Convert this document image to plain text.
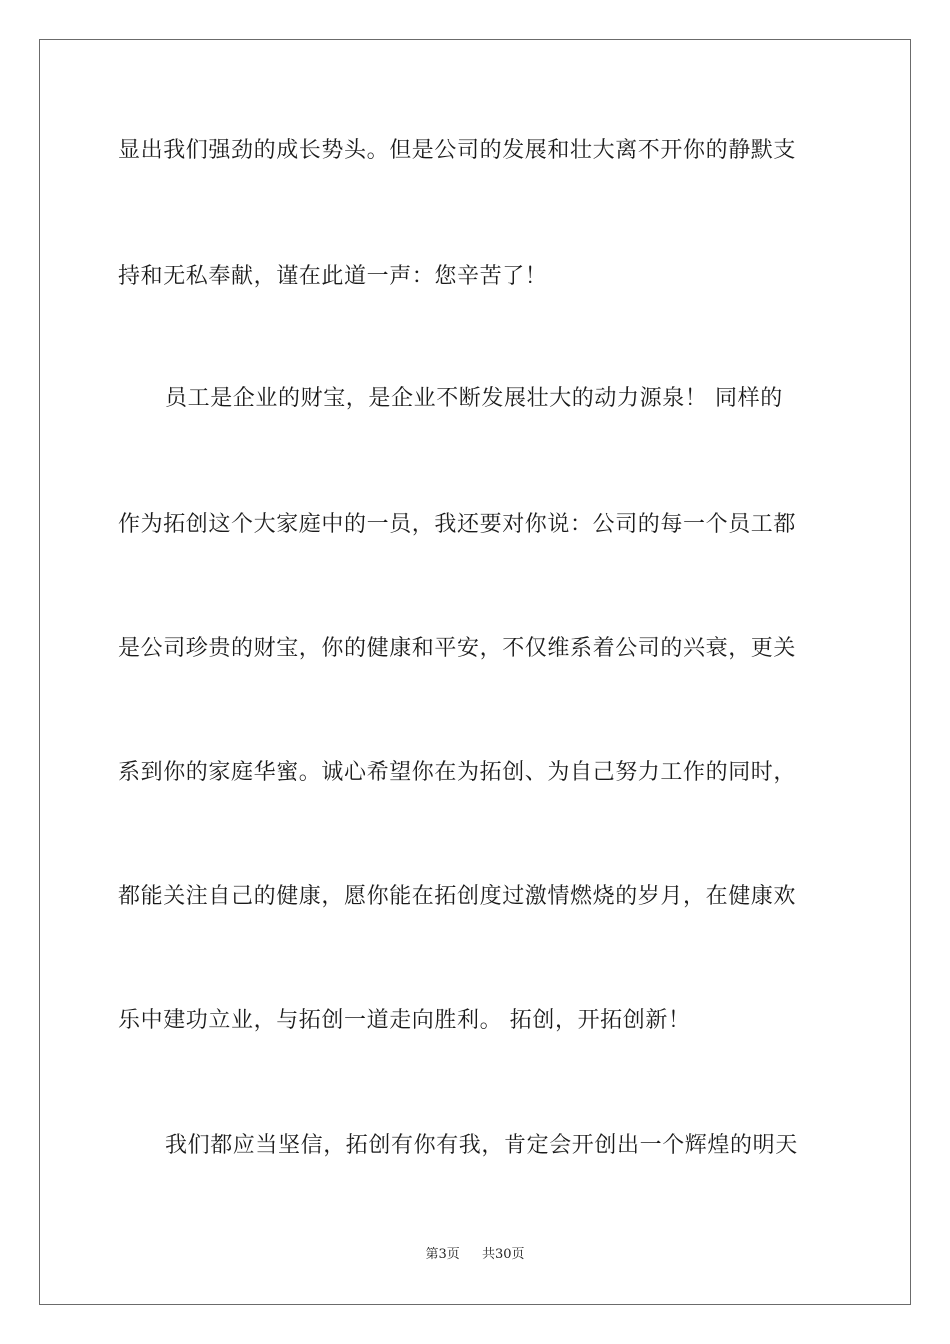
显出我们强劲的成长势头。但是公司的发展和壮大离不开你的静默支
持和无私奉献，谨在此道一声：您辛苦了！
员工是企业的财宝，是企业不断发展壮大的动力源泉！ 同样的
作为拓创这个大家庭中的一员，我还要对你说：公司的每一个员工都
是公司珍贵的财宝，你的健康和平安，不仅维系着公司的兴衰，更关
系到你的家庭华蜜。诚心希望你在为拓创、为自己努力工作的同时，
都能关注自己的健康，愿你能在拓创度过激情燃烧的岁月，在健康欢
乐中建功立业，与拓创一道走向胜利。 拓创，开拓创新！
我们都应当坚信，拓创有你有我，肯定会开创出一个辉煌的明天
第3页 共30页
